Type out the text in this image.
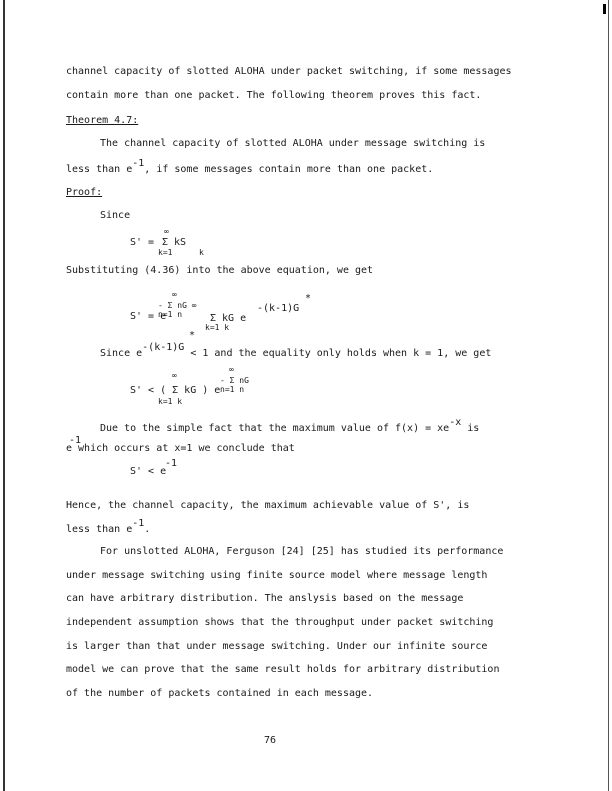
channel capacity of slotted ALOHA under packet switching, if some messages
contain more than one packet. The following theorem proves this fact.
Theorem 4.7:
The channel capacity of slotted ALOHA under message switching is
less than e-1, if some messages contain more than one packet.
Proof:
Since
∞
S' = Σ kS
k=1	k
Substituting (4.36) into the above equation, we get
∞
- Σ nG ∞
S' = e
n=1 n	Σ kG e
k=1 k
-(k-1)G
*
Since e-(k-1)G < 1 and the equality only holds when k = 1, we get
*
∞
∞
- Σ nG
S' < ( Σ kG ) e
k=1 k
n=1 n
Due to the simple fact that the maximum value of f(x) = xe-x is
-1
e which occurs at x=1 we conclude that
S' < e
-1
Hence, the channel capacity, the maximum achievable value of S', is
less than e-1.
For unslotted ALOHA, Ferguson [24] [25] has studied its performance
under message switching using finite source model where message length
can have arbitrary distribution. The anslysis based on the message
independent assumption shows that the throughput under packet switching
is larger than that under message switching. Under our infinite source
model we can prove that the same result holds for arbitrary distribution
of the number of packets contained in each message.
76
